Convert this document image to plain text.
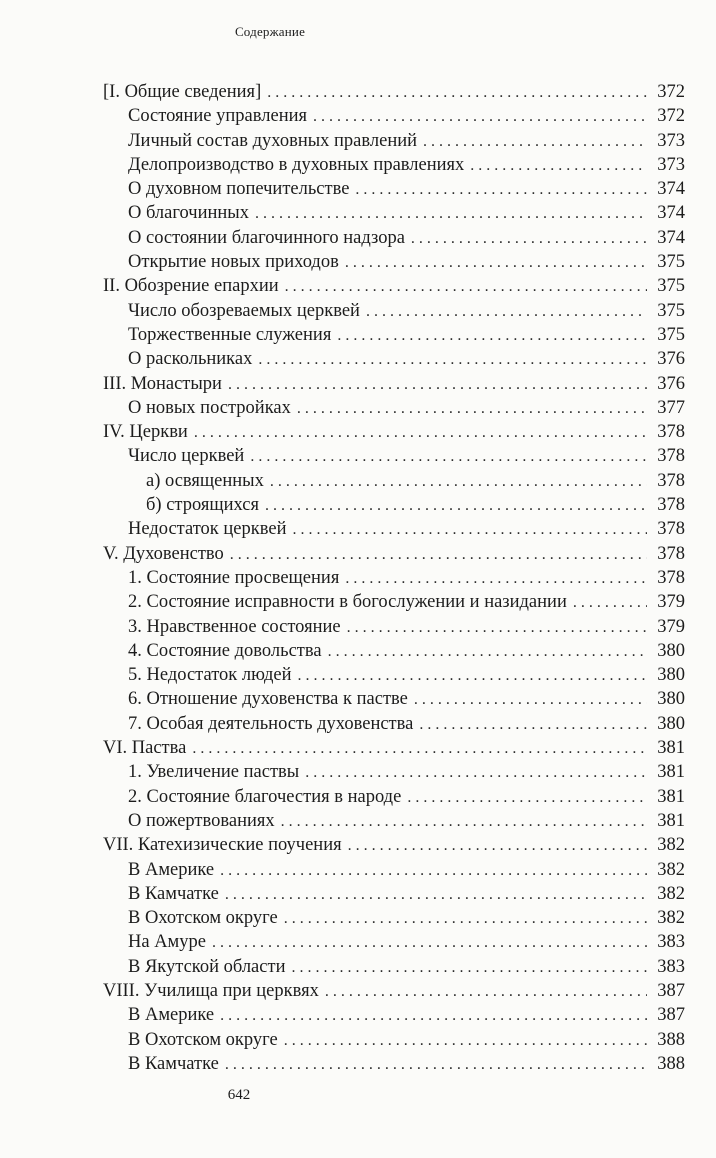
Содержание
[I. Общие сведения] . . .	372
Состояние управления . . .	372
Личный состав духовных правлений . . .	373
Делопроизводство в духовных правлениях . . .	373
О духовном попечительстве . . .	374
О благочинных . . .	374
О состоянии благочинного надзора . . .	374
Открытие новых приходов . . .	375
II. Обозрение епархии . . .	375
Число обозреваемых церквей . . .	375
Торжественные служения . . .	375
О раскольниках . . .	376
III. Монастыри . . .	376
О новых постройках . . .	377
IV. Церкви . . .	378
Число церквей . . .	378
а) освященных . . .	378
б) строящихся . . .	378
Недостаток церквей . . .	378
V. Духовенство . . .	378
1. Состояние просвещения . . .	378
2. Состояние исправности в богослужении и назидании . . .	379
3. Нравственное состояние . . .	379
4. Состояние довольства . . .	380
5. Недостаток людей . . .	380
6. Отношение духовенства к пастве . . .	380
7. Особая деятельность духовенства . . .	380
VI. Паства . . .	381
1. Увеличение паствы . . .	381
2. Состояние благочестия в народе . . .	381
О пожертвованиях . . .	381
VII. Катехизические поучения . . .	382
В Америке . . .	382
В Камчатке . . .	382
В Охотском округе . . .	382
На Амуре . . .	383
В Якутской области . . .	383
VIII. Училища при церквях . . .	387
В Америке . . .	387
В Охотском округе . . .	388
В Камчатке . . .	388
642
